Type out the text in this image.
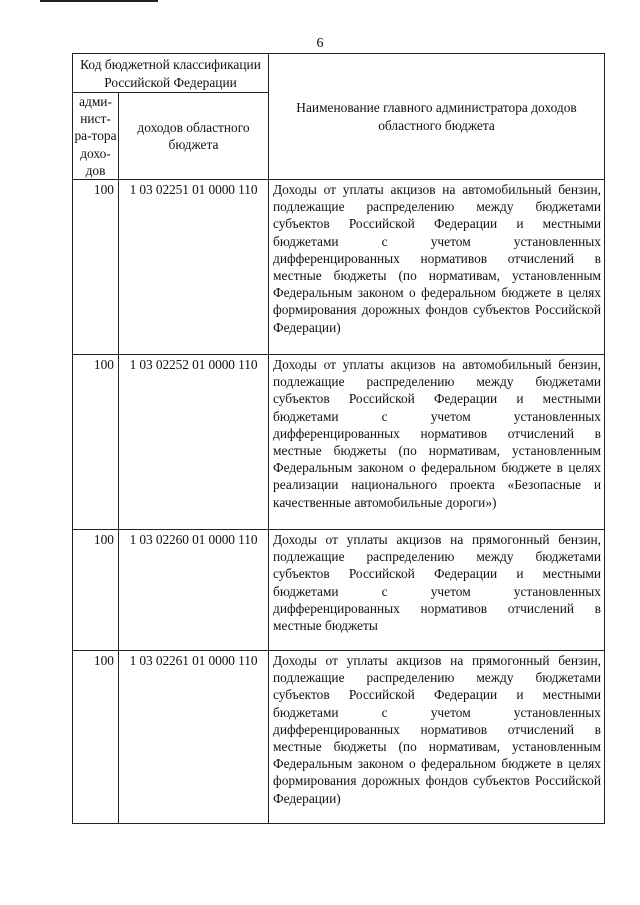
6
Код бюджетной классификации Российской Федерации		Наименование главного администратора доходов областного бюджета
адми-нист-ра-тора дохо-дов	доходов областного бюджета	
100	1 03 02251 01 0000 110	Доходы от уплаты акцизов на автомобильный бензин, подлежащие распределению между бюджетами субъектов Российской Федерации и местными бюджетами с учетом установленных дифференцированных нормативов отчислений в местные бюджеты (по нормативам, установленным Федеральным законом о федеральном бюджете в целях формирования дорожных фондов субъектов Российской Федерации)
100	1 03 02252 01 0000 110	Доходы от уплаты акцизов на автомобильный бензин, подлежащие распределению между бюджетами субъектов Российской Федерации и местными бюджетами с учетом установленных дифференцированных нормативов отчислений в местные бюджеты (по нормативам, установленным Федеральным законом о федеральном бюджете в целях реализации национального проекта «Безопасные и качественные автомобильные дороги»)
100	1 03 02260 01 0000 110	Доходы от уплаты акцизов на прямогонный бензин, подлежащие распределению между бюджетами субъектов Российской Федерации и местными бюджетами с учетом установленных дифференцированных нормативов отчислений в местные бюджеты
100	1 03 02261 01 0000 110	Доходы от уплаты акцизов на прямогонный бензин, подлежащие распределению между бюджетами субъектов Российской Федерации и местными бюджетами с учетом установленных дифференцированных нормативов отчислений в местные бюджеты (по нормативам, установленным Федеральным законом о федеральном бюджете в целях формирования дорожных фондов субъектов Российской Федерации)
